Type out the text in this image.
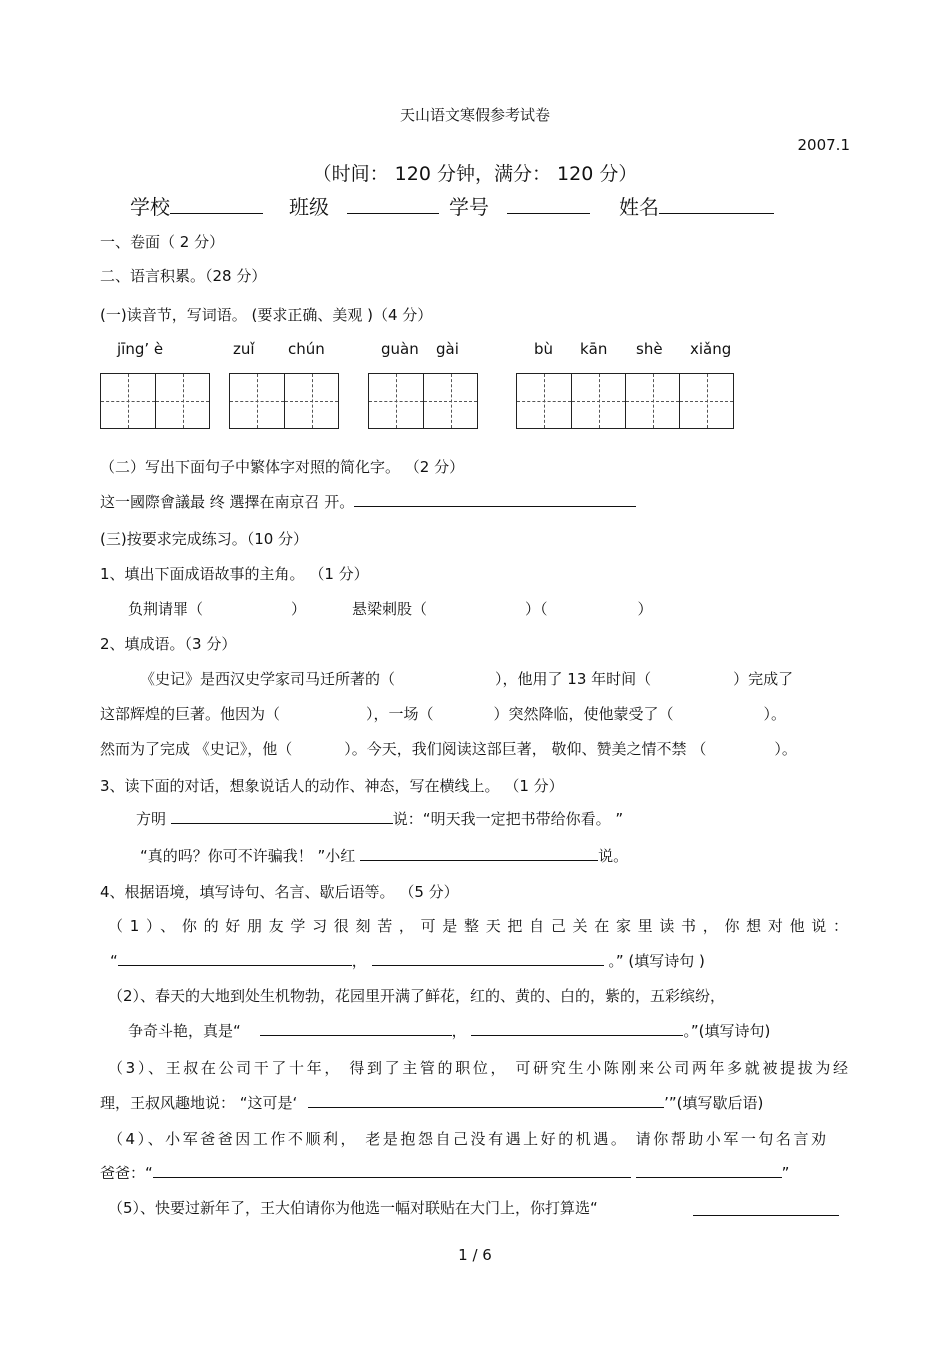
天山语文寒假参考试卷
2007.1
（时间： 120 分钟，满分： 120 分）
学校	班级	学号	姓名
一、卷面（ 2 分）
二、语言积累。（28 分）
(一)读音节，写词语。 (要求正确、美观 )（4 分）
jīng’ è	zuǐ chún	guàn gài	bù kān shè xiǎng
（二）写出下面句子中繁体字对照的简化字。 （2 分）
这一國際會議最 终 選擇在南京召 开。
(三)按要求完成练习。（10 分）
1、填出下面成语故事的主角。 （1 分）
负荆请罪（	）	悬梁刺股（	）（	）
2、填成语。（3 分）
《史记》是西汉史学家司马迁所著的（	），他用了 13 年时间（	）完成了
这部辉煌的巨著。他因为（	），一场（	）突然降临，使他蒙受了（	）。
然而为了完成 《史记》，他（	）。今天，我们阅读这部巨著， 敬仰、赞美之情不禁 （	）。
3、读下面的对话，想象说话人的动作、神态，写在横线上。 （1 分）
方明	说：“明天我一定把书带给你看。 ”
“真的吗？你可不许骗我！ ”小红	说。
4、根据语境，填写诗句、名言、歇后语等。 （5 分）
（1）、你的好朋友学习很刻苦，可是整天把自己关在家里读书，你想对他说：
“	，	。” (填写诗句 )
（2）、春天的大地到处生机物勃，花园里开满了鲜花，红的、黄的、白的，紫的，五彩缤纷，
争奇斗艳，真是“	，	。”(填写诗句)
（3）、王叔在公司干了十年， 得到了主管的职位， 可研究生小陈刚来公司两年多就被提拔为经
理，王叔风趣地说： “这可是‘	’”(填写歇后语)
（4）、小军爸爸因工作不顺利， 老是抱怨自己没有遇上好的机遇。 请你帮助小军一句名言劝
爸爸：“	”
（5）、快要过新年了，王大伯请你为他选一幅对联贴在大门上，你打算选“
1 / 6
